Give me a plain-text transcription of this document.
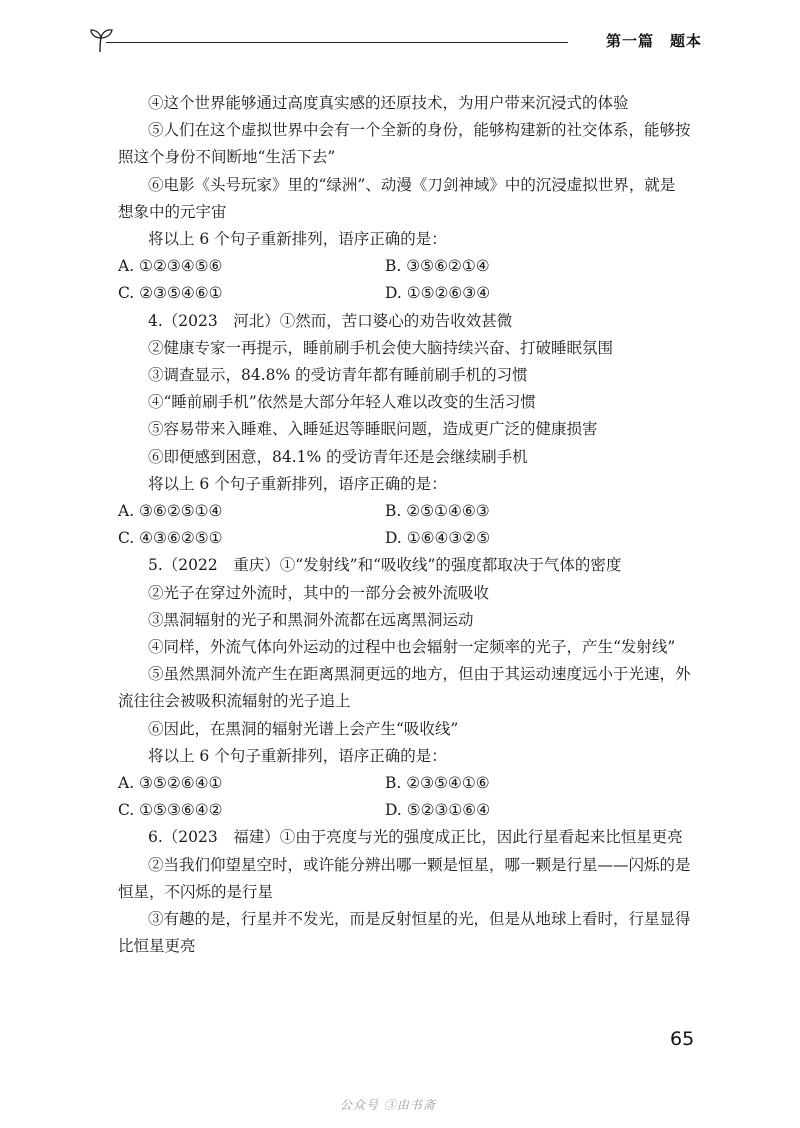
第一篇　题本
④这个世界能够通过高度真实感的还原技术，为用户带来沉浸式的体验
⑤人们在这个虚拟世界中会有一个全新的身份，能够构建新的社交体系，能够按
照这个身份不间断地“生活下去”
⑥电影《头号玩家》里的“绿洲”、动漫《刀剑神域》中的沉浸虚拟世界，就是
想象中的元宇宙
将以上 6 个句子重新排列，语序正确的是：
A. ①②③④⑤⑥	B. ③⑤⑥②①④
C. ②③⑤④⑥①	D. ①⑤②⑥③④
4.（2023　河北）①然而，苦口婆心的劝告收效甚微
②健康专家一再提示，睡前刷手机会使大脑持续兴奋、打破睡眠氛围
③调查显示，84.8% 的受访青年都有睡前刷手机的习惯
④“睡前刷手机”依然是大部分年轻人难以改变的生活习惯
⑤容易带来入睡难、入睡延迟等睡眠问题，造成更广泛的健康损害
⑥即便感到困意，84.1% 的受访青年还是会继续刷手机
将以上 6 个句子重新排列，语序正确的是：
A. ③⑥②⑤①④	B. ②⑤①④⑥③
C. ④③⑥②⑤①	D. ①⑥④③②⑤
5.（2022　重庆）①“发射线”和“吸收线”的强度都取决于气体的密度
②光子在穿过外流时，其中的一部分会被外流吸收
③黑洞辐射的光子和黑洞外流都在远离黑洞运动
④同样，外流气体向外运动的过程中也会辐射一定频率的光子，产生“发射线”
⑤虽然黑洞外流产生在距离黑洞更远的地方，但由于其运动速度远小于光速，外
流往往会被吸积流辐射的光子追上
⑥因此，在黑洞的辐射光谱上会产生“吸收线”
将以上 6 个句子重新排列，语序正确的是：
A. ③⑤②⑥④①	B. ②③⑤④①⑥
C. ①⑤③⑥④②	D. ⑤②③①⑥④
6.（2023　福建）①由于亮度与光的强度成正比，因此行星看起来比恒星更亮
②当我们仰望星空时，或许能分辨出哪一颗是恒星，哪一颗是行星——闪烁的是
恒星，不闪烁的是行星
③有趣的是，行星并不发光，而是反射恒星的光，但是从地球上看时，行星显得
比恒星更亮
65
公众号 ③由书斋
